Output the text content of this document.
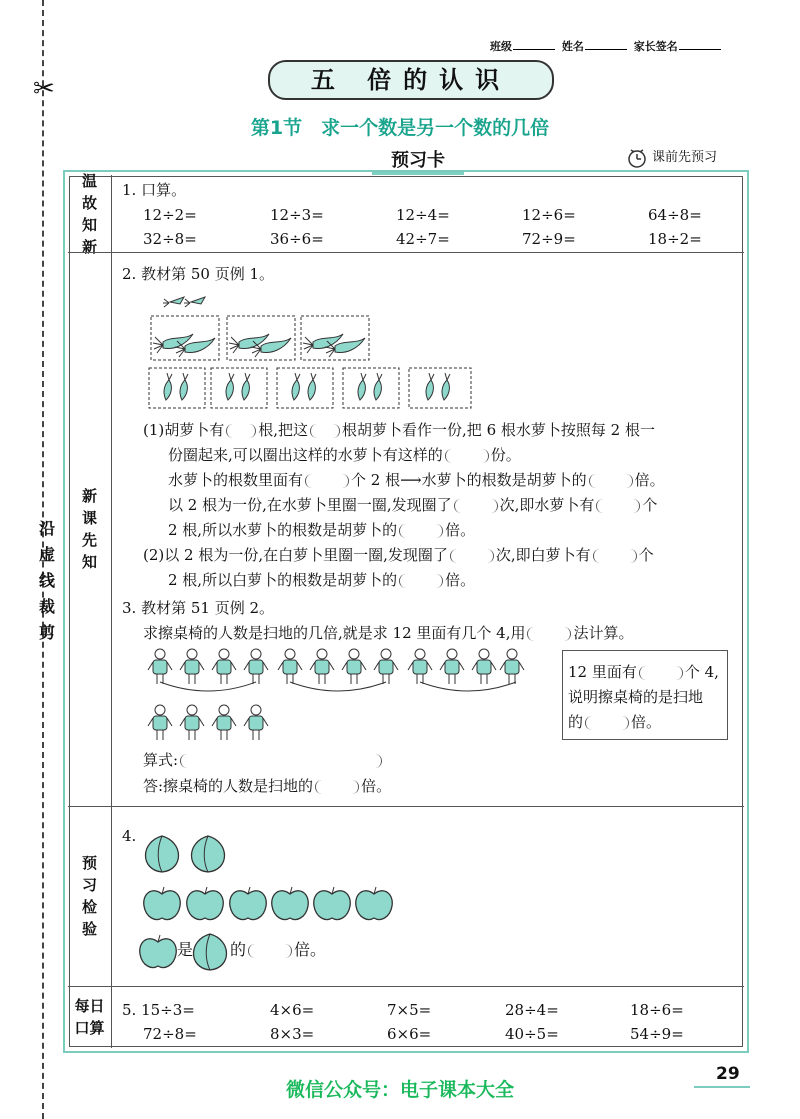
✂
沿虚线裁剪
班级	姓名	家长签名
五 倍的认识
第1节　求一个数是另一个数的几倍
预习卡	课前先预习
温故知新
新课先知
预习检验
每日口算
1. 口算。
12÷2=	12÷3=	12÷4=	12÷6=	64÷8=
32÷8=	36÷6=	42÷7=	72÷9=	18÷2=
2. 教材第 50 页例 1。
(1)胡萝卜有 根,把这 根胡萝卜看作一份,把 6 根水萝卜按照每 2 根一
份圈起来,可以圈出这样的水萝卜有这样的	份。
水萝卜的根数里面有	个 2 根⟶水萝卜的根数是胡萝卜的	倍。
以 2 根为一份,在水萝卜里圈一圈,发现圈了	次,即水萝卜有	个
2 根,所以水萝卜的根数是胡萝卜的	倍。
(2)以 2 根为一份,在白萝卜里圈一圈,发现圈了	次,即白萝卜有	个
2 根,所以白萝卜的根数是胡萝卜的	倍。
3. 教材第 51 页例 2。
求擦桌椅的人数是扫地的几倍,就是求 12 里面有几个 4,用	法计算。
12 里面有	个 4,
说明擦桌椅的是扫地
的	倍。
算式:
答:擦桌椅的人数是扫地的	倍。
4.
是 的	倍。
5. 15÷3=	4×6=	7×5=	28÷4=	18÷6=
72÷8=	8×3=	6×6=	40÷5=	54÷9=
29
微信公众号：电子课本大全
